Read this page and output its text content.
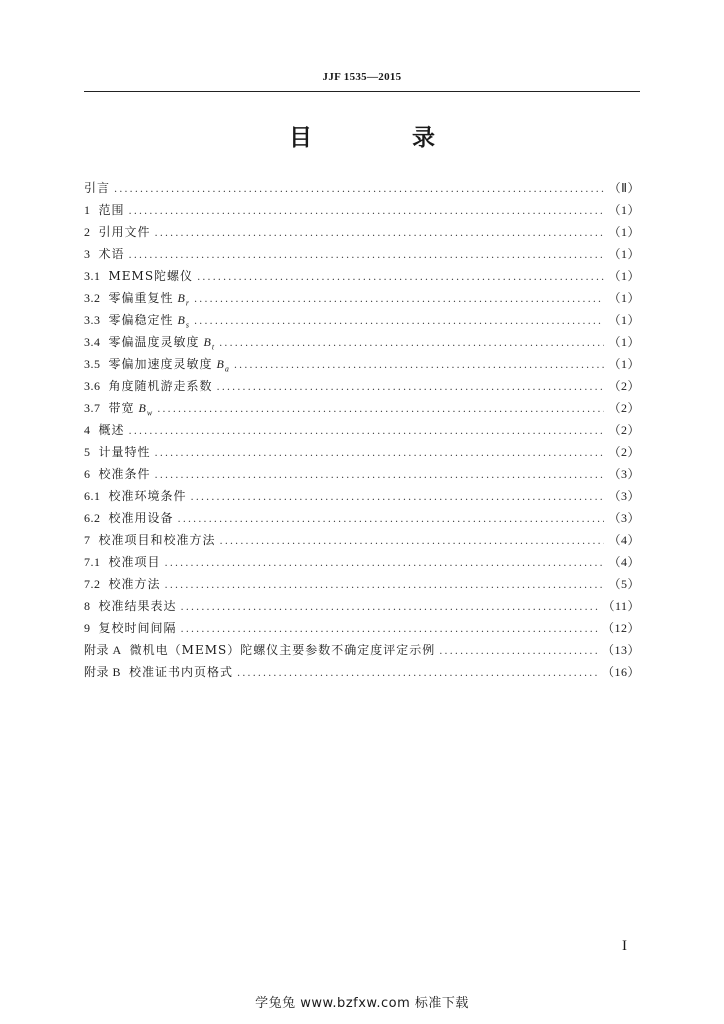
JJF 1535—2015
目 录
引言 .....	（Ⅱ）
1 范围 .....	（1）
2 引用文件 .....	（1）
3 术语 .....	（1）
3.1 MEMS陀螺仪 .....	（1）
3.2 零偏重复性 $B_r$ .....	（1）
3.3 零偏稳定性 $B_s$ .....	（1）
3.4 零偏温度灵敏度 $B_t$ .....	（1）
3.5 零偏加速度灵敏度 $B_a$ .....	（1）
3.6 角度随机游走系数 .....	（2）
3.7 带宽 $B_w$ .....	（2）
4 概述 .....	（2）
5 计量特性 .....	（2）
6 校准条件 .....	（3）
6.1 校准环境条件 .....	（3）
6.2 校准用设备 .....	（3）
7 校准项目和校准方法 .....	（4）
7.1 校准项目 .....	（4）
7.2 校准方法 .....	（5）
8 校准结果表达 .....	（11）
9 复校时间间隔 .....	（12）
附录 A 微机电（MEMS）陀螺仪主要参数不确定度评定示例 .....	（13）
附录 B 校准证书内页格式 .....	（16）
I
学兔兔 www.bzfxw.com 标准下载
